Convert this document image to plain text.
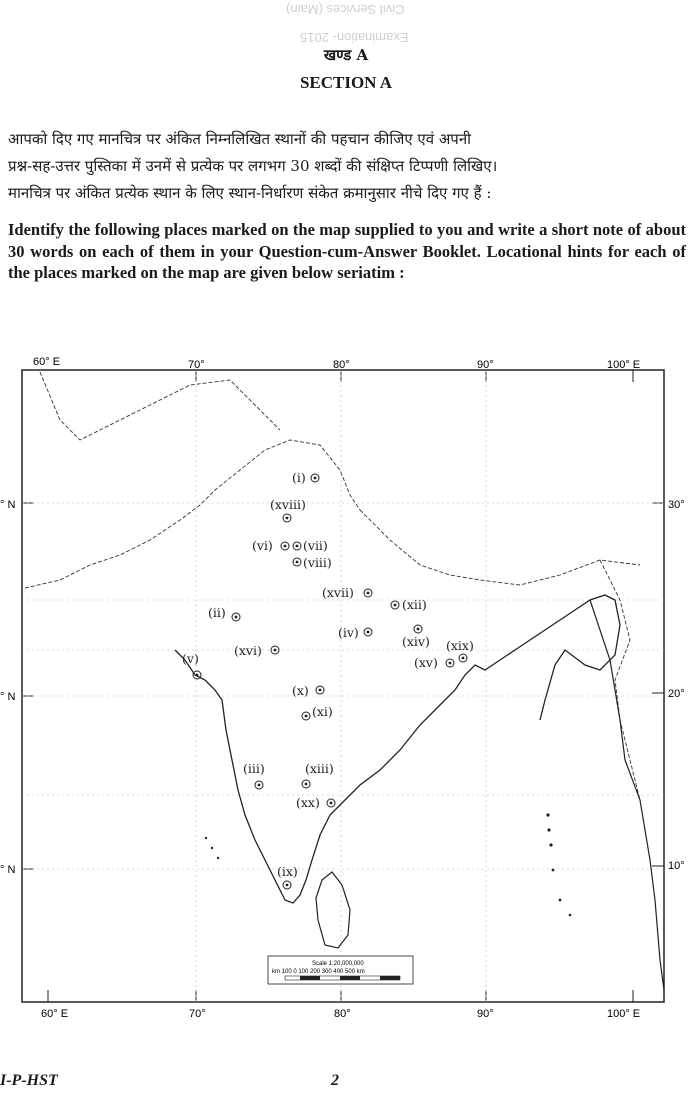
Civil Services (Main)
Examination- 2015
खण्ड A
SECTION A
आपको दिए गए मानचित्र पर अंकित निम्नलिखित स्थानों की पहचान कीजिए एवं अपनी
प्रश्न-सह-उत्तर पुस्तिका में उनमें से प्रत्येक पर लगभग 30 शब्दों की संक्षिप्त टिप्पणी लिखिए।
मानचित्र पर अंकित प्रत्येक स्थान के लिए स्थान-निर्धारण संकेत क्रमानुसार नीचे दिए गए हैं :
Identify the following places marked on the map supplied to you and write a short note of about 30 words on each of them in your Question-cum-Answer Booklet. Locational hints for each of the places marked on the map are given below seriatim :
60° E	70°	80°	90°	100° E
60° E	70°	80°	90°	100° E
° N
° N
° N
30°
20°
10°
Scale 1:20,000,000
km 100 0 100 200 300 400 500 km
(i)
(xviii)
(vi) (vii)
(viii)
(xvii)
(xii)
(ii)
(iv)
(xiv) (xix)
(xvi)
(v)	(xv)
(x)
(xi)
(iii)	(xiii)
(xx)
(ix)
I-P-HST	2
